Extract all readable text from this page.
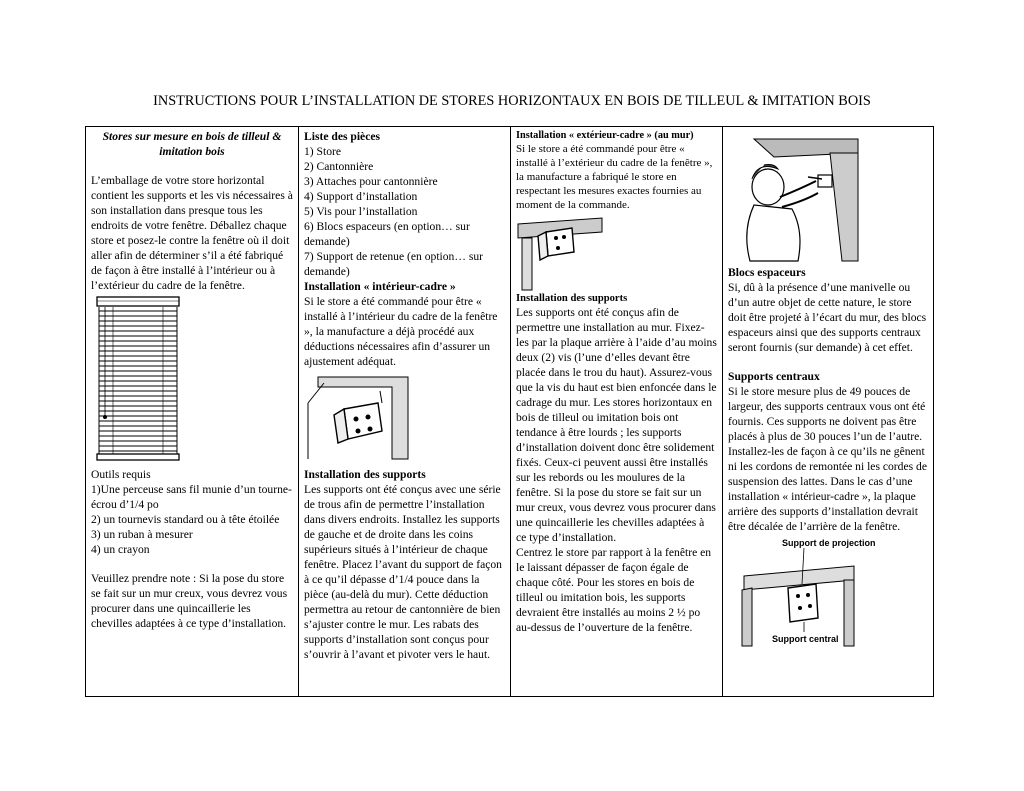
INSTRUCTIONS POUR L’INSTALLATION DE STORES HORIZONTAUX EN BOIS DE TILLEUL & IMITATION BOIS

Stores sur mesure en bois de tilleul & imitation bois

L’emballage de votre store horizontal contient les supports et les vis nécessaires à son installation dans presque tous les endroits de votre fenêtre. Déballez chaque store et posez-le contre la fenêtre où il doit aller afin de déterminer s’il a été fabriqué de façon à être installé à l’intérieur ou à l’extérieur du cadre de la fenêtre.

Outils requis

1)Une perceuse sans fil munie d’un tourne-écrou d’1/4 po

2) un tournevis standard ou à tête étoilée

3) un ruban à mesurer

4) un crayon

Veuillez prendre note : Si la pose du store se fait sur un mur creux, vous devrez vous procurer dans une quincaillerie les chevilles adaptées à ce type d’installation.

Liste des pièces

1) Store

2) Cantonnière

3) Attaches pour cantonnière

4) Support d’installation

5) Vis pour l’installation

6) Blocs espaceurs (en option… sur demande)

7) Support de retenue (en option… sur demande)

Installation « intérieur-cadre »

Si le store a été commandé pour être « installé à l’intérieur du cadre de la fenêtre », la manufacture a déjà procédé aux déductions nécessaires afin d’assurer un ajustement adéquat.

Installation des supports

Les supports ont été conçus avec une série de trous afin de permettre l’installation dans divers endroits. Installez les supports de gauche et de droite dans les coins supérieurs situés à l’intérieur de chaque fenêtre. Placez l’avant du support de façon à ce qu’il dépasse d’1/4 pouce dans la pièce (au-delà du mur). Cette déduction permettra au retour de cantonnière de bien s’ajuster contre le mur. Les rabats des supports d’installation sont conçus pour s’ouvrir à l’avant et pivoter vers le haut.

Installation « extérieur-cadre » (au mur)

Si le store a été commandé pour être « installé à l’extérieur du cadre de la fenêtre », la manufacture a fabriqué le store en respectant les mesures exactes fournies au moment de la commande.

Installation des supports

Les supports ont été conçus afin de permettre une installation au mur. Fixez-les par la plaque arrière à l’aide d’au moins deux (2) vis (l’une d’elles devant être placée dans le trou du haut). Assurez-vous que la vis du haut est bien enfoncée dans le cadrage du mur. Les stores horizontaux en bois de tilleul ou imitation bois ont tendance à être lourds ; les supports d’installation doivent donc être solidement fixés. Ceux-ci peuvent aussi être installés sur les rebords ou les moulures de la fenêtre. Si la pose du store se fait sur un mur creux, vous devrez vous procurer dans une quincaillerie les chevilles adaptées à ce type d’installation.

Centrez le store par rapport à la fenêtre en le laissant dépasser de façon égale de chaque côté. Pour les stores en bois de tilleul ou imitation bois, les supports devraient être installés au moins 2 ½ po au-dessus de l’ouverture de la fenêtre.

Blocs espaceurs

Si, dû à la présence d’une manivelle ou d’un autre objet de cette nature, le store doit être projeté à l’écart du mur, des blocs espaceurs ainsi que des supports centraux seront fournis (sur demande) à cet effet.

Supports centraux

Si le store mesure plus de 49 pouces de largeur, des supports centraux vous ont été fournis. Ces supports ne doivent pas être placés à plus de 30 pouces l’un de l’autre. Installez-les de façon à ce qu’ils ne gênent ni les cordons de remontée ni les cordes de suspension des lattes. Dans le cas d’une installation « intérieur-cadre », la plaque arrière des supports d’installation devrait être décalée de l’arrière de la fenêtre.

Support de projection
Support central
